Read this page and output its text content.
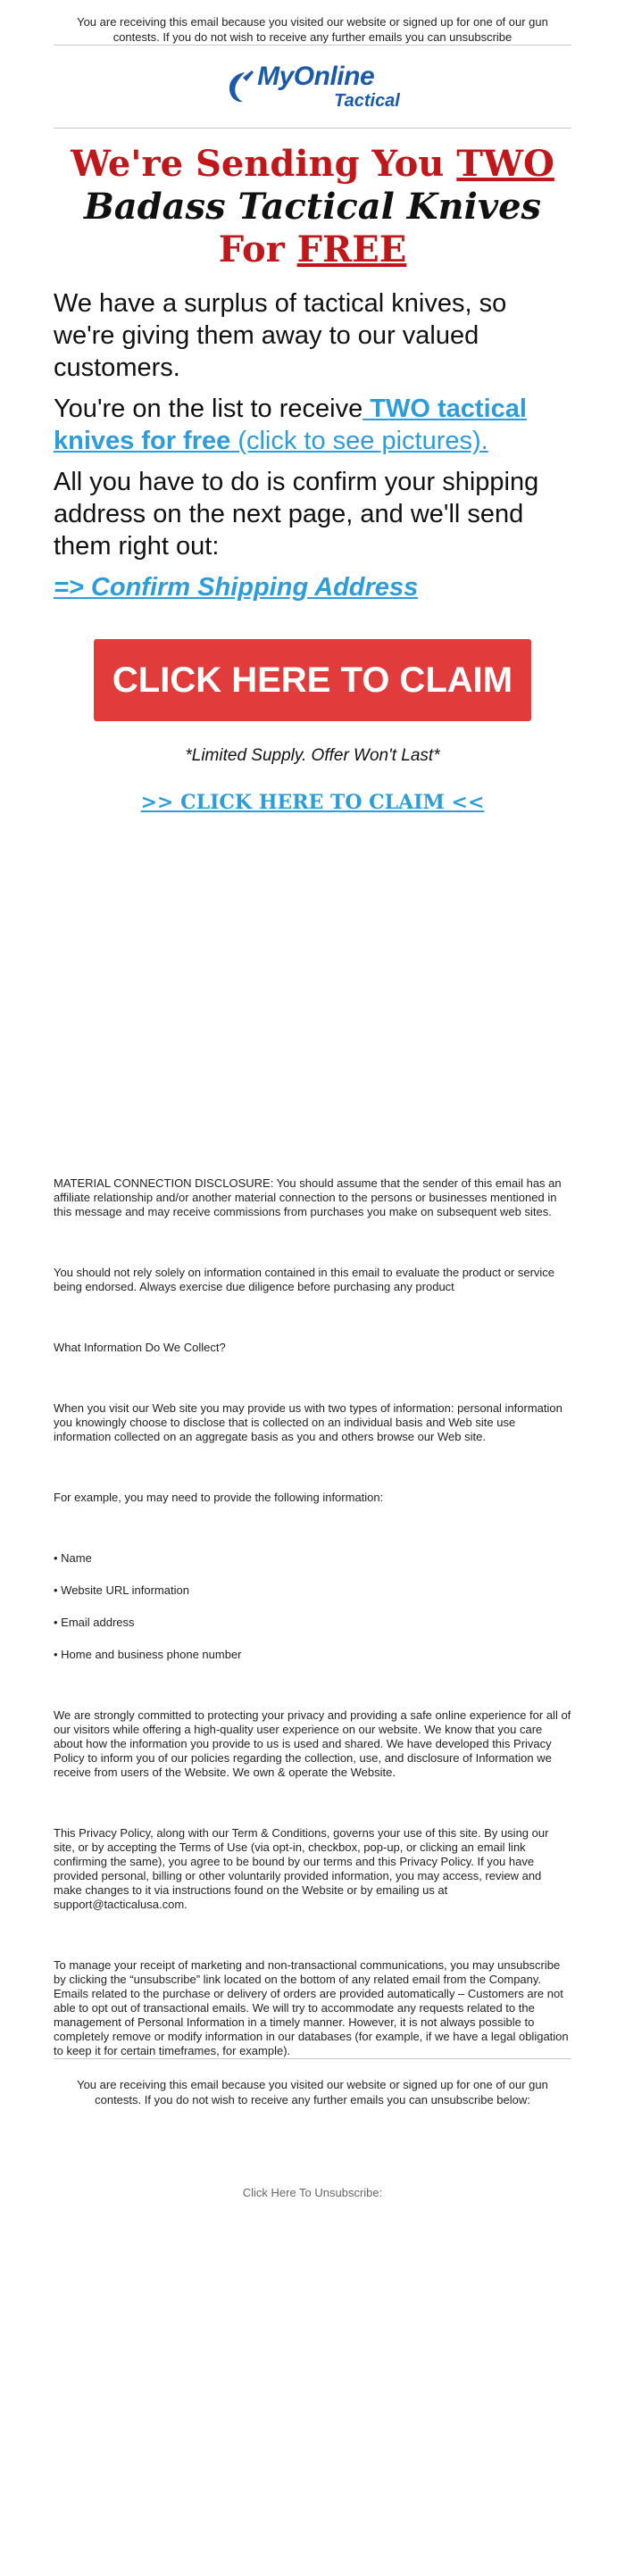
You are receiving this email because you visited our website or signed up for one of our gun contests. If you do not wish to receive any further emails you can unsubscribe
MyOnline
Tactical
We're Sending You TWO
Badass Tactical Knives
For FREE

We have a surplus of tactical knives, so we're giving them away to our valued customers.

You're on the list to receive TWO tactical knives for free (click to see pictures).

All you have to do is confirm your shipping address on the next page, and we'll send them right out:

=> Confirm Shipping Address
CLICK HERE TO CLAIM
*Limited Supply. Offer Won't Last*
>> CLICK HERE TO CLAIM <<

MATERIAL CONNECTION DISCLOSURE: You should assume that the sender of this email has an affiliate relationship and/or another material connection to the persons or businesses mentioned in this message and may receive commissions from purchases you make on subsequent web sites.

You should not rely solely on information contained in this email to evaluate the product or service being endorsed. Always exercise due diligence before purchasing any product

What Information Do We Collect?

When you visit our Web site you may provide us with two types of information: personal information you knowingly choose to disclose that is collected on an individual basis and Web site use information collected on an aggregate basis as you and others browse our Web site.

For example, you may need to provide the following information:

• Name
• Website URL information
• Email address
• Home and business phone number

We are strongly committed to protecting your privacy and providing a safe online experience for all of our visitors while offering a high-quality user experience on our website. We know that you care about how the information you provide to us is used and shared. We have developed this Privacy Policy to inform you of our policies regarding the collection, use, and disclosure of Information we receive from users of the Website. We own & operate the Website.

This Privacy Policy, along with our Term & Conditions, governs your use of this site. By using our site, or by accepting the Terms of Use (via opt-in, checkbox, pop-up, or clicking an email link confirming the same), you agree to be bound by our terms and this Privacy Policy. If you have provided personal, billing or other voluntarily provided information, you may access, review and make changes to it via instructions found on the Website or by emailing us at support@tacticalusa.com.

To manage your receipt of marketing and non-transactional communications, you may unsubscribe by clicking the “unsubscribe” link located on the bottom of any related email from the Company. Emails related to the purchase or delivery of orders are provided automatically – Customers are not able to opt out of transactional emails. We will try to accommodate any requests related to the management of Personal Information in a timely manner. However, it is not always possible to completely remove or modify information in our databases (for example, if we have a legal obligation to keep it for certain timeframes, for example).

You are receiving this email because you visited our website or signed up for one of our gun contests. If you do not wish to receive any further emails you can unsubscribe below:
Click Here To Unsubscribe:
